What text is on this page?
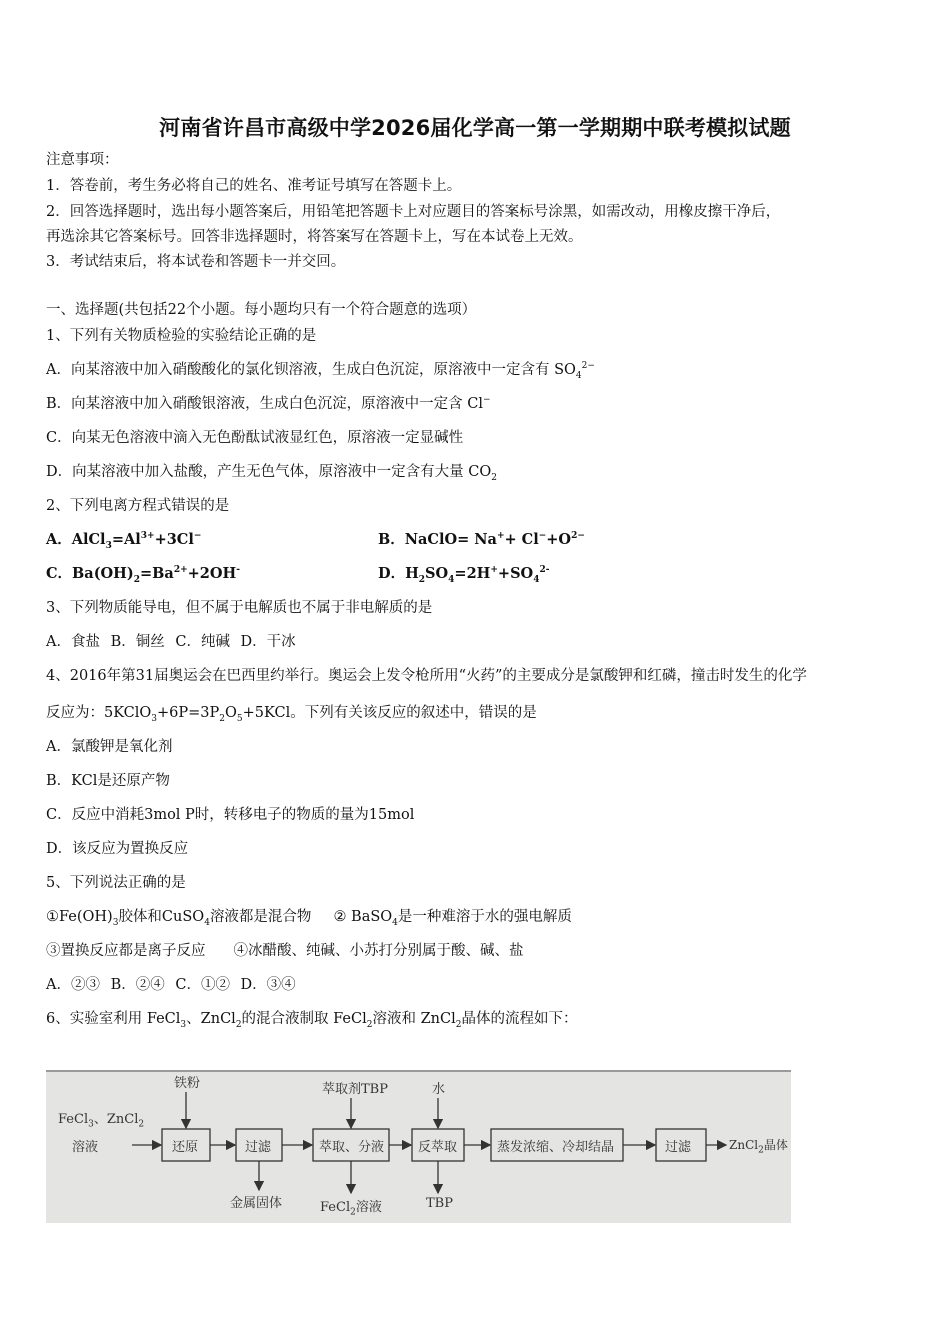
河南省许昌市高级中学2026届化学高一第一学期期中联考模拟试题
注意事项：
1．答卷前，考生务必将自己的姓名、准考证号填写在答题卡上。
2．回答选择题时，选出每小题答案后，用铅笔把答题卡上对应题目的答案标号涂黑，如需改动，用橡皮擦干净后，
再选涂其它答案标号。回答非选择题时，将答案写在答题卡上，写在本试卷上无效。
3．考试结束后，将本试卷和答题卡一并交回。
一、选择题(共包括22个小题。每小题均只有一个符合题意的选项）
1、下列有关物质检验的实验结论正确的是
A．向某溶液中加入硝酸酸化的氯化钡溶液，生成白色沉淀，原溶液中一定含有 $SO_4^{2-}$
B．向某溶液中加入硝酸银溶液，生成白色沉淀，原溶液中一定含 Cl−
C．向某无色溶液中滴入无色酚酞试液显红色，原溶液一定显碱性
D．向某溶液中加入盐酸，产生无色气体，原溶液中一定含有大量 $CO_2$
2、下列电离方程式错误的是
A．$AlCl_3=Al^{3+}+3Cl^-$	B．NaClO= $Na^++ Cl^-+O^{2-}$
C．$Ba(OH)_2=Ba^{2+}+2OH^-$	D．$H_2SO_4=2H^++SO_4^{2-}$
3、下列物质能导电，但不属于电解质也不属于非电解质的是
A．食盐 B．铜丝 C．纯碱 D．干冰
4、2016年第31届奥运会在巴西里约举行。奥运会上发令枪所用“火药”的主要成分是氯酸钾和红磷，撞击时发生的化学
反应为：$5KClO_3+6P=3P_2O_5+5KCl$。下列有关该反应的叙述中，错误的是
A．氯酸钾是氧化剂
B．KCl是还原产物
C．反应中消耗3mol P时，转移电子的物质的量为15mol
D．该反应为置换反应
5、下列说法正确的是
$①Fe(OH)_3$胶体和CuSO$_4$溶液都是混合物 ② BaSO$_4$是一种难溶于水的强电解质
③置换反应都是离子反应 ④冰醋酸、纯碱、小苏打分别属于酸、碱、盐
A．②③ B．②④ C．①② D．③④
6、实验室利用 FeCl$_3$、ZnCl$_2$的混合液制取 FeCl$_2$溶液和 ZnCl$_2$晶体的流程如下：
FeCl$_3$、ZnCl$_2$
溶液	还原	过滤	萃取、分液	反萃取	蒸发浓缩、冷却结晶	过滤
铁粉	萃取剂TBP	水
金属固体	FeCl$_2$溶液	TBP
ZnCl$_2$晶体
